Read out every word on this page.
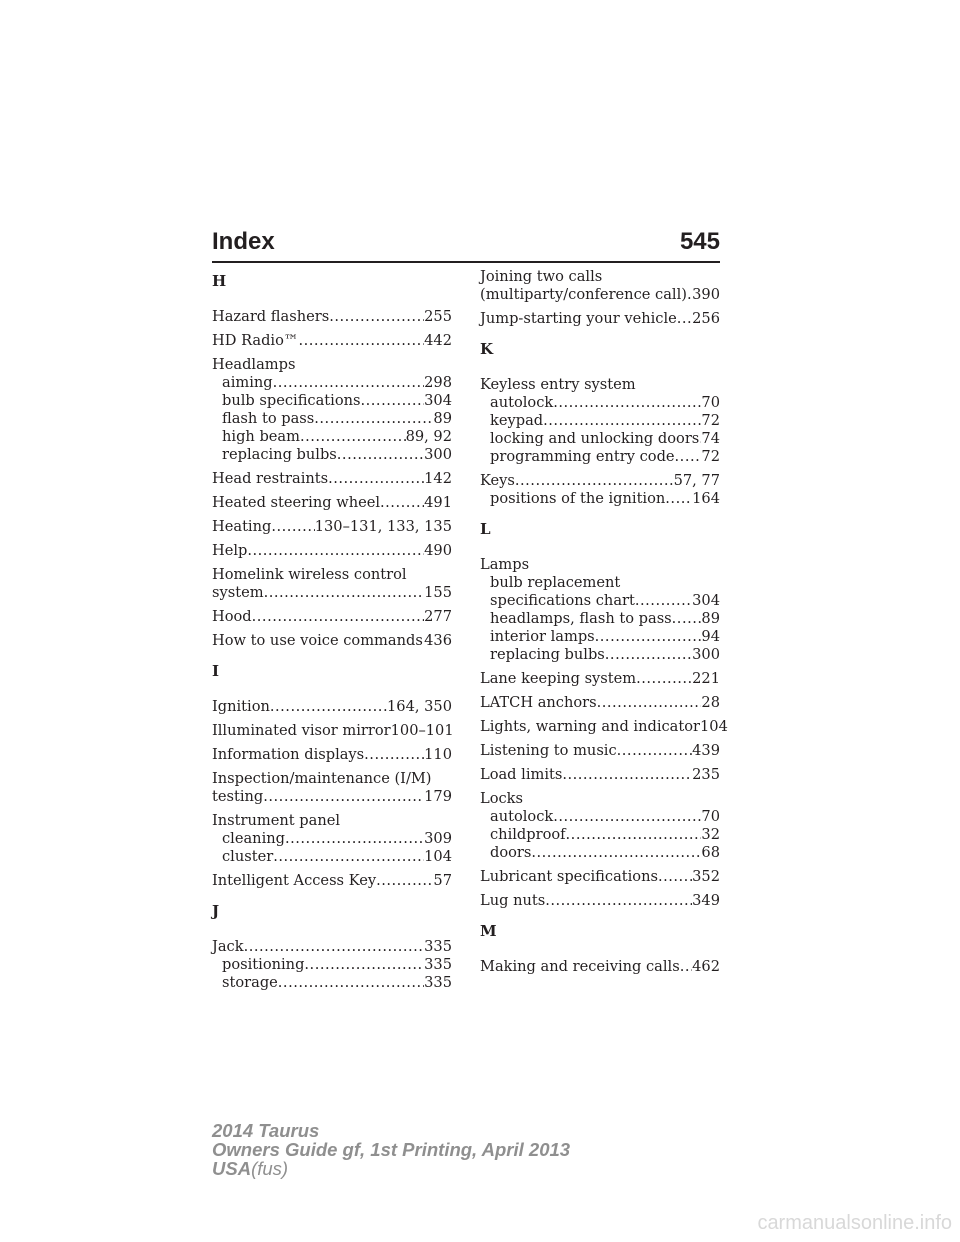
Index	545
H
Hazard flashers .....	255
HD Radio™ .....	442
Headlamps
aiming .....	298
bulb specifications .....	304
flash to pass .....	89
high beam .....	89, 92
replacing bulbs .....	300
Head restraints .....	142
Heated steering wheel .....	491
Heating .....	130–131, 133, 135
Help .....	490
Homelink wireless control
system .....	155
Hood .....	277
How to use voice commands ..... 436
I
Ignition .....	164, 350
Illuminated visor mirror 100–101
Information displays .....	110
Inspection/maintenance (I/M)
testing .....	179
Instrument panel
cleaning .....	309
cluster .....	104
Intelligent Access Key .....	57
J
Jack .....	335
positioning .....	335
storage .....	335
Joining two calls
(multiparty/conference call) ..... 390
Jump-starting your vehicle ..... 256
K
Keyless entry system
autolock .....	70
keypad .....	72
locking and unlocking doors ..... 74
programming entry code ..... 72
Keys .....	57, 77
positions of the ignition ..... 164
L
Lamps
bulb replacement
specifications chart .....	304
headlamps, flash to pass ..... 89
interior lamps .....	94
replacing bulbs .....	300
Lane keeping system .....	221
LATCH anchors .....	28
Lights, warning and indicator 104
Listening to music .....	439
Load limits .....	235
Locks
autolock .....	70
childproof .....	32
doors .....	68
Lubricant specifications ..... 352
Lug nuts .....	349
M
Making and receiving calls ..... 462
2014 Taurus
Owners Guide gf, 1st Printing, April 2013
USA(fus)
carmanualsonline.info
